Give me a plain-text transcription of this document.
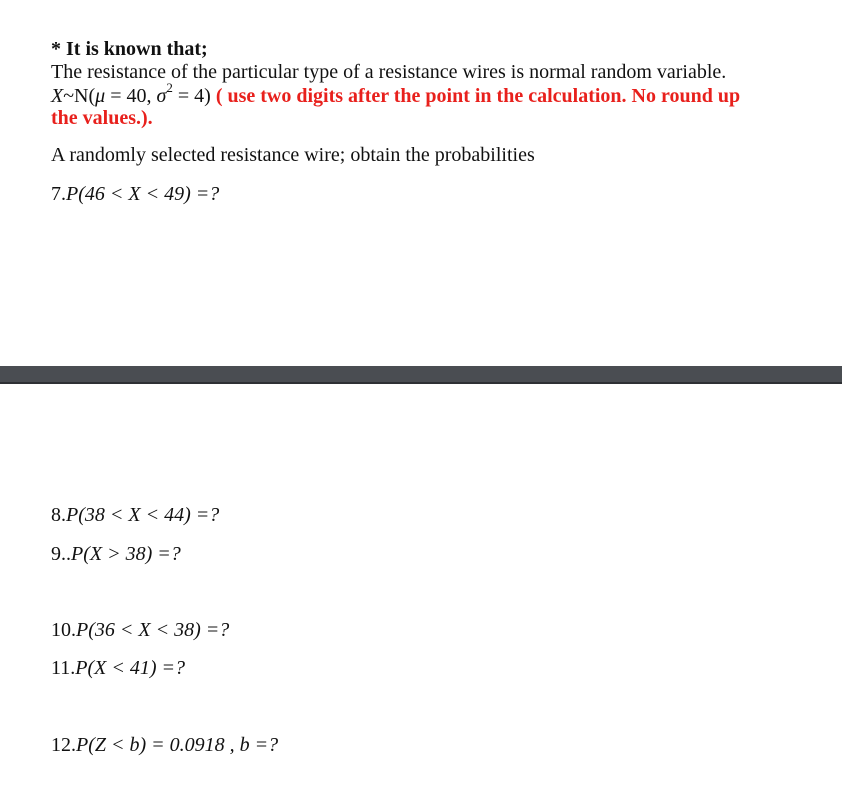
* It is known that;
The resistance of the particular type of a resistance wires is normal random variable.
X~N(μ = 40, $\sigma^2 = 4$) ( use two digits after the point in the calculation. No round up
the values.).
A randomly selected resistance wire; obtain the probabilities
7.P(46 < X < 49) =?
8.P(38 < X < 44) =?
9..P(X > 38) =?
10.P(36 < X < 38) =?
11.P(X < 41) =?
12.P(Z < b) = 0.0918 , b =?
